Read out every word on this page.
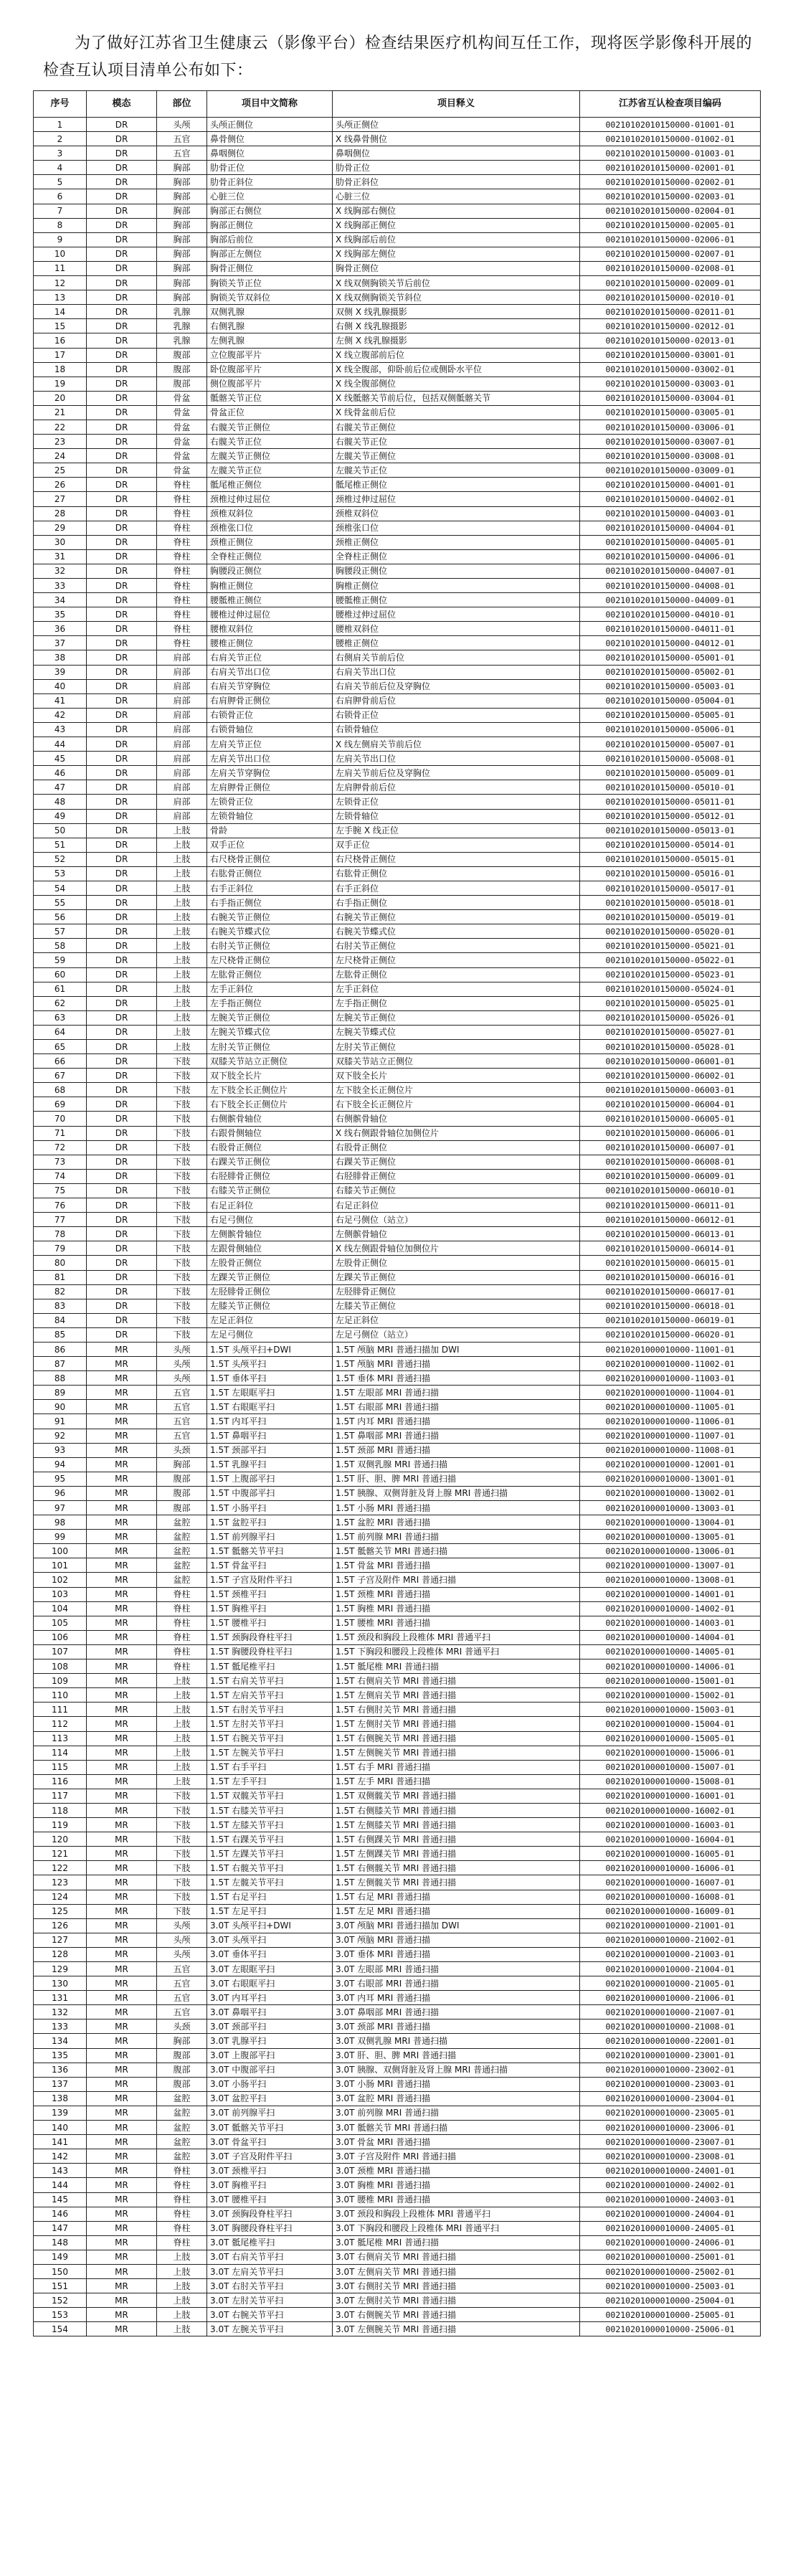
为了做好江苏省卫生健康云（影像平台）检查结果医疗机构间互任工作，现将医学影像科开展的检查互认项目清单公布如下：

序号	模态	部位	项目中文简称	项目释义	江苏省互认检查项目编码
1	DR	头颅	头颅正侧位	头颅正侧位	00210102010150000-01001-01
2	DR	五官	鼻骨侧位	X 线鼻骨侧位	00210102010150000-01002-01
3	DR	五官	鼻咽侧位	鼻咽侧位	00210102010150000-01003-01
4	DR	胸部	肋骨正位	肋骨正位	00210102010150000-02001-01
5	DR	胸部	肋骨正斜位	肋骨正斜位	00210102010150000-02002-01
6	DR	胸部	心脏三位	心脏三位	00210102010150000-02003-01
7	DR	胸部	胸部正右侧位	X 线胸部右侧位	00210102010150000-02004-01
8	DR	胸部	胸部正侧位	X 线胸部正侧位	00210102010150000-02005-01
9	DR	胸部	胸部后前位	X 线胸部后前位	00210102010150000-02006-01
10	DR	胸部	胸部正左侧位	X 线胸部左侧位	00210102010150000-02007-01
11	DR	胸部	胸骨正侧位	胸骨正侧位	00210102010150000-02008-01
12	DR	胸部	胸锁关节正位	X 线双侧胸锁关节后前位	00210102010150000-02009-01
13	DR	胸部	胸锁关节双斜位	X 线双侧胸锁关节斜位	00210102010150000-02010-01
14	DR	乳腺	双侧乳腺	双侧 X 线乳腺摄影	00210102010150000-02011-01
15	DR	乳腺	右侧乳腺	右侧 X 线乳腺摄影	00210102010150000-02012-01
16	DR	乳腺	左侧乳腺	左侧 X 线乳腺摄影	00210102010150000-02013-01
17	DR	腹部	立位腹部平片	X 线立腹部前后位	00210102010150000-03001-01
18	DR	腹部	卧位腹部平片	X 线全腹部，仰卧前后位或侧卧水平位	00210102010150000-03002-01
19	DR	腹部	侧位腹部平片	X 线全腹部侧位	00210102010150000-03003-01
20	DR	骨盆	骶髂关节正位	X 线骶髂关节前后位，包括双侧骶髂关节	00210102010150000-03004-01
21	DR	骨盆	骨盆正位	X 线骨盆前后位	00210102010150000-03005-01
22	DR	骨盆	右髋关节正侧位	右髋关节正侧位	00210102010150000-03006-01
23	DR	骨盆	右髋关节正位	右髋关节正位	00210102010150000-03007-01
24	DR	骨盆	左髋关节正侧位	左髋关节正侧位	00210102010150000-03008-01
25	DR	骨盆	左髋关节正位	左髋关节正位	00210102010150000-03009-01
26	DR	脊柱	骶尾椎正侧位	骶尾椎正侧位	00210102010150000-04001-01
27	DR	脊柱	颈椎过伸过屈位	颈椎过伸过屈位	00210102010150000-04002-01
28	DR	脊柱	颈椎双斜位	颈椎双斜位	00210102010150000-04003-01
29	DR	脊柱	颈椎张口位	颈椎张口位	00210102010150000-04004-01
30	DR	脊柱	颈椎正侧位	颈椎正侧位	00210102010150000-04005-01
31	DR	脊柱	全脊柱正侧位	全脊柱正侧位	00210102010150000-04006-01
32	DR	脊柱	胸腰段正侧位	胸腰段正侧位	00210102010150000-04007-01
33	DR	脊柱	胸椎正侧位	胸椎正侧位	00210102010150000-04008-01
34	DR	脊柱	腰骶椎正侧位	腰骶椎正侧位	00210102010150000-04009-01
35	DR	脊柱	腰椎过伸过屈位	腰椎过伸过屈位	00210102010150000-04010-01
36	DR	脊柱	腰椎双斜位	腰椎双斜位	00210102010150000-04011-01
37	DR	脊柱	腰椎正侧位	腰椎正侧位	00210102010150000-04012-01
38	DR	肩部	右肩关节正位	右侧肩关节前后位	00210102010150000-05001-01
39	DR	肩部	右肩关节出口位	右肩关节出口位	00210102010150000-05002-01
40	DR	肩部	右肩关节穿胸位	右肩关节前后位及穿胸位	00210102010150000-05003-01
41	DR	肩部	右肩胛骨正侧位	右肩胛骨前后位	00210102010150000-05004-01
42	DR	肩部	右锁骨正位	右锁骨正位	00210102010150000-05005-01
43	DR	肩部	右锁骨轴位	右锁骨轴位	00210102010150000-05006-01
44	DR	肩部	左肩关节正位	X 线左侧肩关节前后位	00210102010150000-05007-01
45	DR	肩部	左肩关节出口位	左肩关节出口位	00210102010150000-05008-01
46	DR	肩部	左肩关节穿胸位	左肩关节前后位及穿胸位	00210102010150000-05009-01
47	DR	肩部	左肩胛骨正侧位	左肩胛骨前后位	00210102010150000-05010-01
48	DR	肩部	左锁骨正位	左锁骨正位	00210102010150000-05011-01
49	DR	肩部	左锁骨轴位	左锁骨轴位	00210102010150000-05012-01
50	DR	上肢	骨龄	左手腕 X 线正位	00210102010150000-05013-01
51	DR	上肢	双手正位	双手正位	00210102010150000-05014-01
52	DR	上肢	右尺桡骨正侧位	右尺桡骨正侧位	00210102010150000-05015-01
53	DR	上肢	右肱骨正侧位	右肱骨正侧位	00210102010150000-05016-01
54	DR	上肢	右手正斜位	右手正斜位	00210102010150000-05017-01
55	DR	上肢	右手指正侧位	右手指正侧位	00210102010150000-05018-01
56	DR	上肢	右腕关节正侧位	右腕关节正侧位	00210102010150000-05019-01
57	DR	上肢	右腕关节蝶式位	右腕关节蝶式位	00210102010150000-05020-01
58	DR	上肢	右肘关节正侧位	右肘关节正侧位	00210102010150000-05021-01
59	DR	上肢	左尺桡骨正侧位	左尺桡骨正侧位	00210102010150000-05022-01
60	DR	上肢	左肱骨正侧位	左肱骨正侧位	00210102010150000-05023-01
61	DR	上肢	左手正斜位	左手正斜位	00210102010150000-05024-01
62	DR	上肢	左手指正侧位	左手指正侧位	00210102010150000-05025-01
63	DR	上肢	左腕关节正侧位	左腕关节正侧位	00210102010150000-05026-01
64	DR	上肢	左腕关节蝶式位	左腕关节蝶式位	00210102010150000-05027-01
65	DR	上肢	左肘关节正侧位	左肘关节正侧位	00210102010150000-05028-01
66	DR	下肢	双膝关节站立正侧位	双膝关节站立正侧位	00210102010150000-06001-01
67	DR	下肢	双下肢全长片	双下肢全长片	00210102010150000-06002-01
68	DR	下肢	左下肢全长正侧位片	左下肢全长正侧位片	00210102010150000-06003-01
69	DR	下肢	右下肢全长正侧位片	右下肢全长正侧位片	00210102010150000-06004-01
70	DR	下肢	右侧髌骨轴位	右侧髌骨轴位	00210102010150000-06005-01
71	DR	下肢	右跟骨侧轴位	X 线右侧跟骨轴位加侧位片	00210102010150000-06006-01
72	DR	下肢	右股骨正侧位	右股骨正侧位	00210102010150000-06007-01
73	DR	下肢	右踝关节正侧位	右踝关节正侧位	00210102010150000-06008-01
74	DR	下肢	右胫腓骨正侧位	右胫腓骨正侧位	00210102010150000-06009-01
75	DR	下肢	右膝关节正侧位	右膝关节正侧位	00210102010150000-06010-01
76	DR	下肢	右足正斜位	右足正斜位	00210102010150000-06011-01
77	DR	下肢	右足弓侧位	右足弓侧位（站立）	00210102010150000-06012-01
78	DR	下肢	左侧髌骨轴位	左侧髌骨轴位	00210102010150000-06013-01
79	DR	下肢	左跟骨侧轴位	X 线左侧跟骨轴位加侧位片	00210102010150000-06014-01
80	DR	下肢	左股骨正侧位	左股骨正侧位	00210102010150000-06015-01
81	DR	下肢	左踝关节正侧位	左踝关节正侧位	00210102010150000-06016-01
82	DR	下肢	左胫腓骨正侧位	左胫腓骨正侧位	00210102010150000-06017-01
83	DR	下肢	左膝关节正侧位	左膝关节正侧位	00210102010150000-06018-01
84	DR	下肢	左足正斜位	左足正斜位	00210102010150000-06019-01
85	DR	下肢	左足弓侧位	左足弓侧位（站立）	00210102010150000-06020-01
86	MR	头颅	1.5T 头颅平扫+DWI	1.5T 颅脑 MRI 普通扫描加 DWI	00210201000010000-11001-01
87	MR	头颅	1.5T 头颅平扫	1.5T 颅脑 MRI 普通扫描	00210201000010000-11002-01
88	MR	头颅	1.5T 垂体平扫	1.5T 垂体 MRI 普通扫描	00210201000010000-11003-01
89	MR	五官	1.5T 左眼眶平扫	1.5T 左眼部 MRI 普通扫描	00210201000010000-11004-01
90	MR	五官	1.5T 右眼眶平扫	1.5T 右眼部 MRI 普通扫描	00210201000010000-11005-01
91	MR	五官	1.5T 内耳平扫	1.5T 内耳 MRI 普通扫描	00210201000010000-11006-01
92	MR	五官	1.5T 鼻咽平扫	1.5T 鼻咽部 MRI 普通扫描	00210201000010000-11007-01
93	MR	头颈	1.5T 颈部平扫	1.5T 颈部 MRI 普通扫描	00210201000010000-11008-01
94	MR	胸部	1.5T 乳腺平扫	1.5T 双侧乳腺 MRI 普通扫描	00210201000010000-12001-01
95	MR	腹部	1.5T 上腹部平扫	1.5T 肝、胆、脾 MRI 普通扫描	00210201000010000-13001-01
96	MR	腹部	1.5T 中腹部平扫	1.5T 胰腺、双侧肾脏及肾上腺 MRI 普通扫描	00210201000010000-13002-01
97	MR	腹部	1.5T 小肠平扫	1.5T 小肠 MRI 普通扫描	00210201000010000-13003-01
98	MR	盆腔	1.5T 盆腔平扫	1.5T 盆腔 MRI 普通扫描	00210201000010000-13004-01
99	MR	盆腔	1.5T 前列腺平扫	1.5T 前列腺 MRI 普通扫描	00210201000010000-13005-01
100	MR	盆腔	1.5T 骶髂关节平扫	1.5T 骶髂关节 MRI 普通扫描	00210201000010000-13006-01
101	MR	盆腔	1.5T 骨盆平扫	1.5T 骨盆 MRI 普通扫描	00210201000010000-13007-01
102	MR	盆腔	1.5T 子宫及附件平扫	1.5T 子宫及附件 MRI 普通扫描	00210201000010000-13008-01
103	MR	脊柱	1.5T 颈椎平扫	1.5T 颈椎 MRI 普通扫描	00210201000010000-14001-01
104	MR	脊柱	1.5T 胸椎平扫	1.5T 胸椎 MRI 普通扫描	00210201000010000-14002-01
105	MR	脊柱	1.5T 腰椎平扫	1.5T 腰椎 MRI 普通扫描	00210201000010000-14003-01
106	MR	脊柱	1.5T 颈胸段脊柱平扫	1.5T 颈段和胸段上段椎体 MRI 普通平扫	00210201000010000-14004-01
107	MR	脊柱	1.5T 胸腰段脊柱平扫	1.5T 下胸段和腰段上段椎体 MRI 普通平扫	00210201000010000-14005-01
108	MR	脊柱	1.5T 骶尾椎平扫	1.5T 骶尾椎 MRI 普通扫描	00210201000010000-14006-01
109	MR	上肢	1.5T 右肩关节平扫	1.5T 右侧肩关节 MRI 普通扫描	00210201000010000-15001-01
110	MR	上肢	1.5T 左肩关节平扫	1.5T 左侧肩关节 MRI 普通扫描	00210201000010000-15002-01
111	MR	上肢	1.5T 右肘关节平扫	1.5T 右侧肘关节 MRI 普通扫描	00210201000010000-15003-01
112	MR	上肢	1.5T 左肘关节平扫	1.5T 左侧肘关节 MRI 普通扫描	00210201000010000-15004-01
113	MR	上肢	1.5T 右腕关节平扫	1.5T 右侧腕关节 MRI 普通扫描	00210201000010000-15005-01
114	MR	上肢	1.5T 左腕关节平扫	1.5T 左侧腕关节 MRI 普通扫描	00210201000010000-15006-01
115	MR	上肢	1.5T 右手平扫	1.5T 右手 MRI 普通扫描	00210201000010000-15007-01
116	MR	上肢	1.5T 左手平扫	1.5T 左手 MRI 普通扫描	00210201000010000-15008-01
117	MR	下肢	1.5T 双髋关节平扫	1.5T 双侧髋关节 MRI 普通扫描	00210201000010000-16001-01
118	MR	下肢	1.5T 右膝关节平扫	1.5T 右侧膝关节 MRI 普通扫描	00210201000010000-16002-01
119	MR	下肢	1.5T 左膝关节平扫	1.5T 左侧膝关节 MRI 普通扫描	00210201000010000-16003-01
120	MR	下肢	1.5T 右踝关节平扫	1.5T 右侧踝关节 MRI 普通扫描	00210201000010000-16004-01
121	MR	下肢	1.5T 左踝关节平扫	1.5T 左侧踝关节 MRI 普通扫描	00210201000010000-16005-01
122	MR	下肢	1.5T 右髋关节平扫	1.5T 右侧髋关节 MRI 普通扫描	00210201000010000-16006-01
123	MR	下肢	1.5T 左髋关节平扫	1.5T 左侧髋关节 MRI 普通扫描	00210201000010000-16007-01
124	MR	下肢	1.5T 右足平扫	1.5T 右足 MRI 普通扫描	00210201000010000-16008-01
125	MR	下肢	1.5T 左足平扫	1.5T 左足 MRI 普通扫描	00210201000010000-16009-01
126	MR	头颅	3.0T 头颅平扫+DWI	3.0T 颅脑 MRI 普通扫描加 DWI	00210201000010000-21001-01
127	MR	头颅	3.0T 头颅平扫	3.0T 颅脑 MRI 普通扫描	00210201000010000-21002-01
128	MR	头颅	3.0T 垂体平扫	3.0T 垂体 MRI 普通扫描	00210201000010000-21003-01
129	MR	五官	3.0T 左眼眶平扫	3.0T 左眼部 MRI 普通扫描	00210201000010000-21004-01
130	MR	五官	3.0T 右眼眶平扫	3.0T 右眼部 MRI 普通扫描	00210201000010000-21005-01
131	MR	五官	3.0T 内耳平扫	3.0T 内耳 MRI 普通扫描	00210201000010000-21006-01
132	MR	五官	3.0T 鼻咽平扫	3.0T 鼻咽部 MRI 普通扫描	00210201000010000-21007-01
133	MR	头颈	3.0T 颈部平扫	3.0T 颈部 MRI 普通扫描	00210201000010000-21008-01
134	MR	胸部	3.0T 乳腺平扫	3.0T 双侧乳腺 MRI 普通扫描	00210201000010000-22001-01
135	MR	腹部	3.0T 上腹部平扫	3.0T 肝、胆、脾 MRI 普通扫描	00210201000010000-23001-01
136	MR	腹部	3.0T 中腹部平扫	3.0T 胰腺、双侧肾脏及肾上腺 MRI 普通扫描	00210201000010000-23002-01
137	MR	腹部	3.0T 小肠平扫	3.0T 小肠 MRI 普通扫描	00210201000010000-23003-01
138	MR	盆腔	3.0T 盆腔平扫	3.0T 盆腔 MRI 普通扫描	00210201000010000-23004-01
139	MR	盆腔	3.0T 前列腺平扫	3.0T 前列腺 MRI 普通扫描	00210201000010000-23005-01
140	MR	盆腔	3.0T 骶髂关节平扫	3.0T 骶髂关节 MRI 普通扫描	00210201000010000-23006-01
141	MR	盆腔	3.0T 骨盆平扫	3.0T 骨盆 MRI 普通扫描	00210201000010000-23007-01
142	MR	盆腔	3.0T 子宫及附件平扫	3.0T 子宫及附件 MRI 普通扫描	00210201000010000-23008-01
143	MR	脊柱	3.0T 颈椎平扫	3.0T 颈椎 MRI 普通扫描	00210201000010000-24001-01
144	MR	脊柱	3.0T 胸椎平扫	3.0T 胸椎 MRI 普通扫描	00210201000010000-24002-01
145	MR	脊柱	3.0T 腰椎平扫	3.0T 腰椎 MRI 普通扫描	00210201000010000-24003-01
146	MR	脊柱	3.0T 颈胸段脊柱平扫	3.0T 颈段和胸段上段椎体 MRI 普通平扫	00210201000010000-24004-01
147	MR	脊柱	3.0T 胸腰段脊柱平扫	3.0T 下胸段和腰段上段椎体 MRI 普通平扫	00210201000010000-24005-01
148	MR	脊柱	3.0T 骶尾椎平扫	3.0T 骶尾椎 MRI 普通扫描	00210201000010000-24006-01
149	MR	上肢	3.0T 右肩关节平扫	3.0T 右侧肩关节 MRI 普通扫描	00210201000010000-25001-01
150	MR	上肢	3.0T 左肩关节平扫	3.0T 左侧肩关节 MRI 普通扫描	00210201000010000-25002-01
151	MR	上肢	3.0T 右肘关节平扫	3.0T 右侧肘关节 MRI 普通扫描	00210201000010000-25003-01
152	MR	上肢	3.0T 左肘关节平扫	3.0T 左侧肘关节 MRI 普通扫描	00210201000010000-25004-01
153	MR	上肢	3.0T 右腕关节平扫	3.0T 右侧腕关节 MRI 普通扫描	00210201000010000-25005-01
154	MR	上肢	3.0T 左腕关节平扫	3.0T 左侧腕关节 MRI 普通扫描	00210201000010000-25006-01
